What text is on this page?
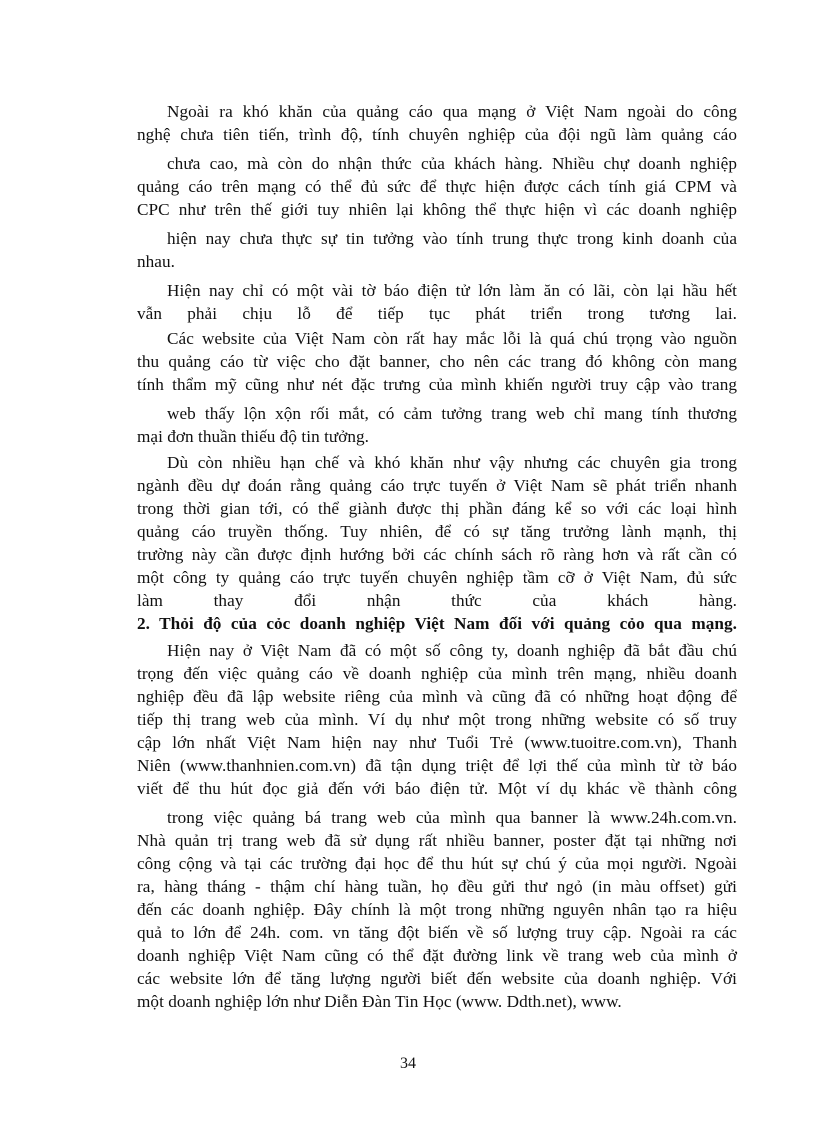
Ngoài ra khó khăn của quảng cáo qua mạng ở Việt Nam ngoài do công
nghệ chưa tiên tiến, trình độ, tính chuyên nghiệp của đội ngũ làm quảng cáo
chưa cao, mà còn do nhận thức của khách hàng. Nhiều chự doanh nghiệp
quảng cáo trên mạng có thể đủ sức để thực hiện được cách tính giá CPM và
CPC như trên thế giới tuy nhiên lại không thể thực hiện vì các doanh nghiệp
hiện nay chưa thực sự tin tưởng vào tính trung thực trong kinh doanh của
nhau.
Hiện nay chỉ có một vài tờ báo điện tử lớn làm ăn có lãi, còn lại hầu hết
vẫn phải chịu lỗ để tiếp tục phát triển trong tương lai.
Các website của Việt Nam còn rất hay mắc lỗi là quá chú trọng vào nguồn
thu quảng cáo từ việc cho đặt banner, cho nên các trang đó không còn mang
tính thẩm mỹ cũng như nét đặc trưng của mình khiến người truy cập vào trang
web thấy lộn xộn rối mắt, có cảm tưởng trang web chỉ mang tính thương
mại đơn thuần thiếu độ tin tưởng.
Dù còn nhiều hạn chế và khó khăn như vậy nhưng các chuyên gia trong
ngành đều dự đoán rằng quảng cáo trực tuyến ở Việt Nam sẽ phát triển nhanh
trong thời gian tới, có thể giành được thị phần đáng kể so với các loại hình
quảng cáo truyền thống. Tuy nhiên, để có sự tăng trưởng lành mạnh, thị
trường này cần được định hướng bởi các chính sách rõ ràng hơn và rất cần có
một công ty quảng cáo trực tuyến chuyên nghiệp tầm cỡ ở Việt Nam, đủ sức
làm thay đổi nhận thức của khách hàng.
2. Thỏi độ của cỏc doanh nghiệp Việt Nam đối với quảng cỏo qua mạng.
Hiện nay ở Việt Nam đã có một số công ty, doanh nghiệp đã bắt đầu chú
trọng đến việc quảng cáo về doanh nghiệp của mình trên mạng, nhiều doanh
nghiệp đều đã lập website riêng của mình và cũng đã có những hoạt động để
tiếp thị trang web của mình. Ví dụ như một trong những website có số truy
cập lớn nhất Việt Nam hiện nay như Tuổi Trẻ (www.tuoitre.com.vn), Thanh
Niên (www.thanhnien.com.vn) đã tận dụng triệt để lợi thế của mình từ tờ báo
viết để thu hút đọc giả đến với báo điện tử. Một ví dụ khác về thành công
trong việc quảng bá trang web của mình qua banner là www.24h.com.vn.
Nhà quản trị trang web đã sử dụng rất nhiều banner, poster đặt tại những nơi
công cộng và tại các trường đại học để thu hút sự chú ý của mọi người. Ngoài
ra, hàng tháng - thậm chí hàng tuần, họ đều gửi thư ngỏ (in màu offset) gửi
đến các doanh nghiệp. Đây chính là một trong những nguyên nhân tạo ra hiệu
quả to lớn để 24h. com. vn tăng đột biến về số lượng truy cập. Ngoài ra các
doanh nghiệp Việt Nam cũng có thể đặt đường link về trang web của mình ở
các website lớn để tăng lượng người biết đến website của doanh nghiệp. Với
một doanh nghiệp lớn như Diễn Đàn Tin Học (www. Ddth.net), www.
34
